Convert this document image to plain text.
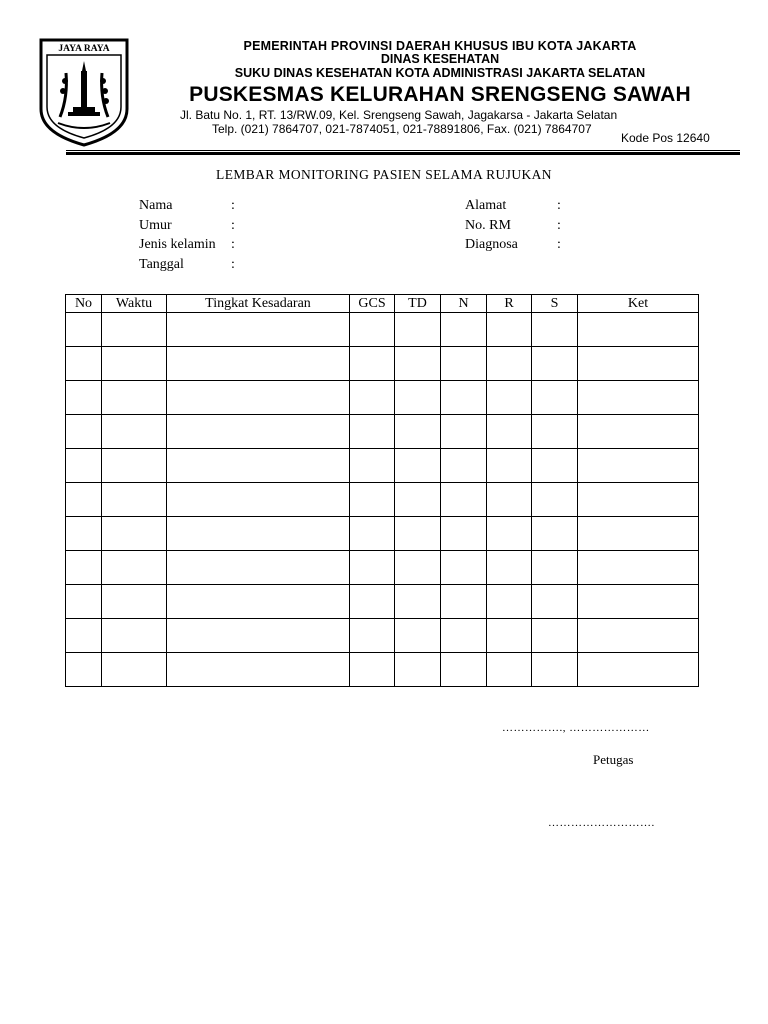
JAYA RAYA	PEMERINTAH PROVINSI DAERAH KHUSUS IBU KOTA JAKARTA
DINAS KESEHATAN
SUKU DINAS KESEHATAN KOTA ADMINISTRASI JAKARTA SELATAN
PUSKESMAS KELURAHAN SRENGSENG SAWAH
Jl. Batu No. 1, RT. 13/RW.09, Kel. Srengseng Sawah, Jagakarsa - Jakarta Selatan
Telp. (021) 7864707, 021-7874051, 021-78891806, Fax. (021) 7864707
Kode Pos 12640
LEMBAR MONITORING PASIEN SELAMA RUJUKAN
Nama	:
Umur	:
Jenis kelamin :
Tanggal	:
Alamat	:
No. RM	:
Diagnosa	:
No	Waktu	Tingkat Kesadaran	GCS	TD	N	R	S	Ket

……………., …………………
Petugas
……………………….
